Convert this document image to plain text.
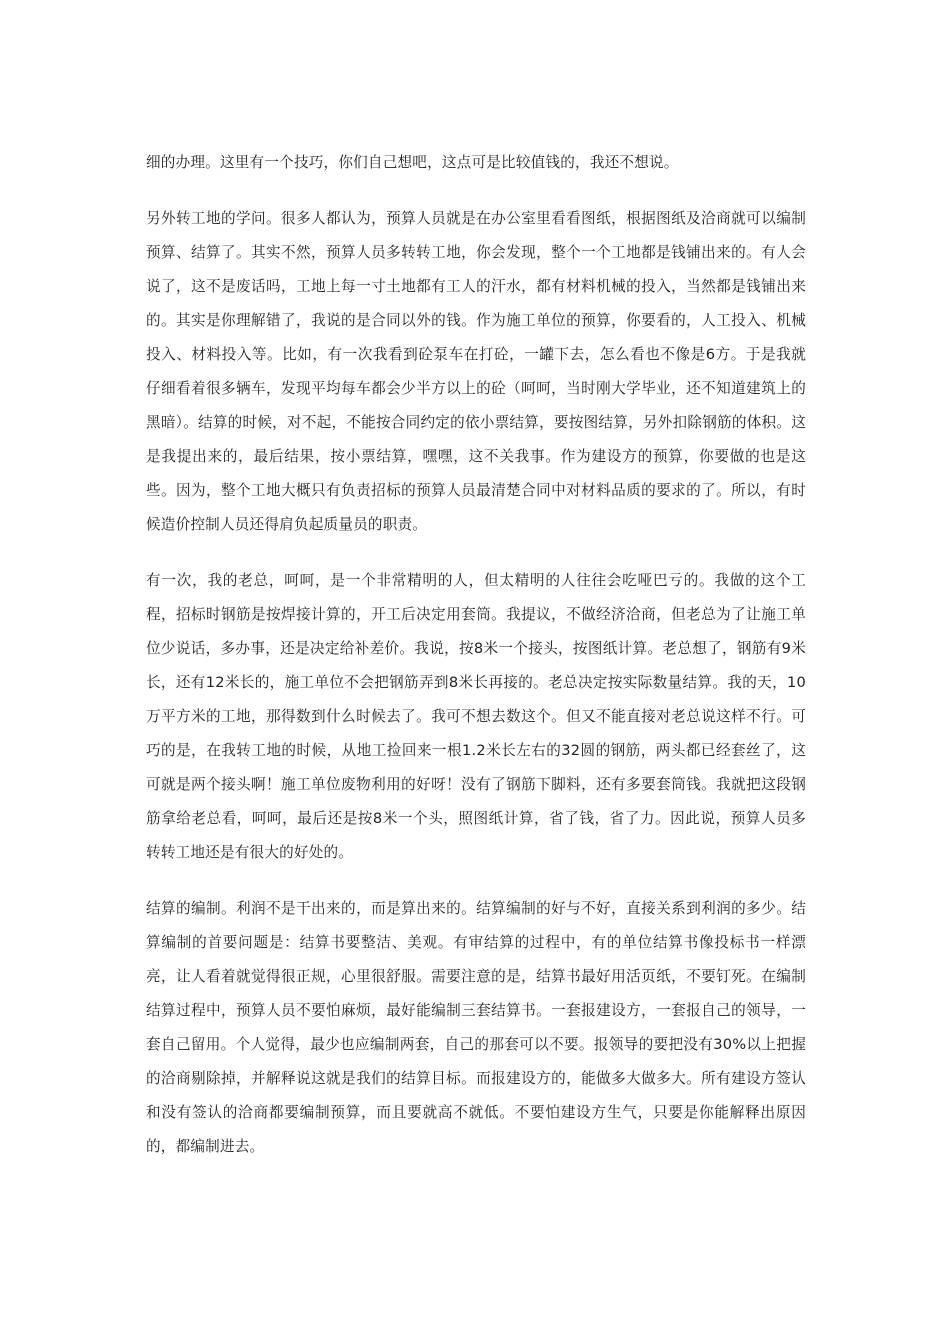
细的办理。这里有一个技巧，你们自己想吧，这点可是比较值钱的，我还不想说。

另外转工地的学问。很多人都认为，预算人员就是在办公室里看看图纸，根据图纸及洽商就可以编制预算、结算了。其实不然，预算人员多转转工地，你会发现，整个一个工地都是钱铺出来的。有人会说了，这不是废话吗，工地上每一寸土地都有工人的汗水，都有材料机械的投入，当然都是钱铺出来的。其实是你理解错了，我说的是合同以外的钱。作为施工单位的预算，你要看的，人工投入、机械投入、材料投入等。比如，有一次我看到砼泵车在打砼，一罐下去，怎么看也不像是6方。于是我就仔细看着很多辆车，发现平均每车都会少半方以上的砼（呵呵，当时刚大学毕业，还不知道建筑上的黑暗）。结算的时候，对不起，不能按合同约定的依小票结算，要按图结算，另外扣除钢筋的体积。这是我提出来的，最后结果，按小票结算，嘿嘿，这不关我事。作为建设方的预算，你要做的也是这些。因为，整个工地大概只有负责招标的预算人员最清楚合同中对材料品质的要求的了。所以，有时候造价控制人员还得肩负起质量员的职责。

有一次，我的老总，呵呵，是一个非常精明的人，但太精明的人往往会吃哑巴亏的。我做的这个工程，招标时钢筋是按焊接计算的，开工后决定用套筒。我提议，不做经济洽商，但老总为了让施工单位少说话，多办事，还是决定给补差价。我说，按8米一个接头，按图纸计算。老总想了，钢筋有9米长，还有12米长的，施工单位不会把钢筋弄到8米长再接的。老总决定按实际数量结算。我的天，10万平方米的工地，那得数到什么时候去了。我可不想去数这个。但又不能直接对老总说这样不行。可巧的是，在我转工地的时候，从地工捡回来一根1.2米长左右的32圆的钢筋，两头都已经套丝了，这可就是两个接头啊！施工单位废物利用的好呀！没有了钢筋下脚料，还有多要套筒钱。我就把这段钢筋拿给老总看，呵呵，最后还是按8米一个头，照图纸计算，省了钱，省了力。因此说，预算人员多转转工地还是有很大的好处的。

结算的编制。利润不是干出来的，而是算出来的。结算编制的好与不好，直接关系到利润的多少。结算编制的首要问题是：结算书要整洁、美观。有审结算的过程中，有的单位结算书像投标书一样漂亮，让人看着就觉得很正规，心里很舒服。需要注意的是，结算书最好用活页纸，不要钉死。在编制结算过程中，预算人员不要怕麻烦，最好能编制三套结算书。一套报建设方，一套报自己的领导，一套自己留用。个人觉得，最少也应编制两套，自己的那套可以不要。报领导的要把没有30%以上把握的洽商剔除掉，并解释说这就是我们的结算目标。而报建设方的，能做多大做多大。所有建设方签认和没有签认的洽商都要编制预算，而且要就高不就低。不要怕建设方生气，只要是你能解释出原因的，都编制进去。
